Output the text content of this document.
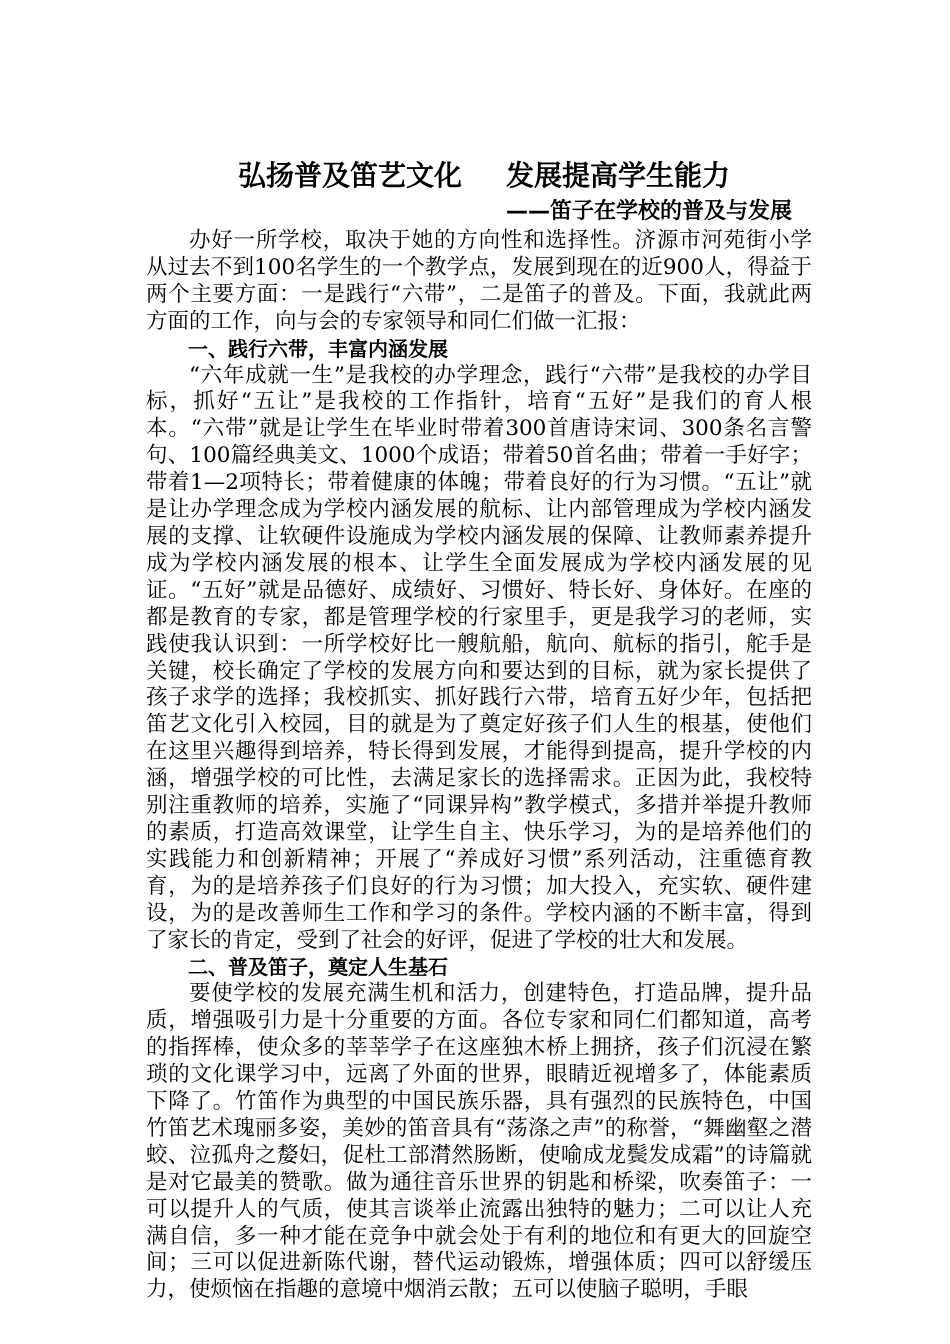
弘扬普及笛艺文化 发展提高学生能力
——笛子在学校的普及与发展

办好一所学校，取决于她的方向性和选择性。济源市河苑街小学从过去不到100名学生的一个教学点，发展到现在的近900人，得益于两个主要方面：一是践行“六带”，二是笛子的普及。下面，我就此两方面的工作，向与会的专家领导和同仁们做一汇报：

一、践行六带，丰富内涵发展

“六年成就一生”是我校的办学理念，践行“六带”是我校的办学目标，抓好“五让”是我校的工作指针，培育“五好”是我们的育人根本。“六带”就是让学生在毕业时带着300首唐诗宋词、300条名言警句、100篇经典美文、1000个成语；带着50首名曲；带着一手好字；带着1—2项特长；带着健康的体魄；带着良好的行为习惯。“五让”就是让办学理念成为学校内涵发展的航标、让内部管理成为学校内涵发展的支撑、让软硬件设施成为学校内涵发展的保障、让教师素养提升成为学校内涵发展的根本、让学生全面发展成为学校内涵发展的见证。“五好”就是品德好、成绩好、习惯好、特长好、身体好。在座的都是教育的专家，都是管理学校的行家里手，更是我学习的老师，实践使我认识到：一所学校好比一艘航船，航向、航标的指引，舵手是关键，校长确定了学校的发展方向和要达到的目标，就为家长提供了孩子求学的选择；我校抓实、抓好践行六带，培育五好少年，包括把笛艺文化引入校园，目的就是为了奠定好孩子们人生的根基，使他们在这里兴趣得到培养，特长得到发展，才能得到提高，提升学校的内涵，增强学校的可比性，去满足家长的选择需求。正因为此，我校特别注重教师的培养，实施了“同课异构”教学模式，多措并举提升教师的素质，打造高效课堂，让学生自主、快乐学习，为的是培养他们的实践能力和创新精神；开展了“养成好习惯”系列活动，注重德育教育，为的是培养孩子们良好的行为习惯；加大投入，充实软、硬件建设，为的是改善师生工作和学习的条件。学校内涵的不断丰富，得到了家长的肯定，受到了社会的好评，促进了学校的壮大和发展。

二、普及笛子，奠定人生基石

要使学校的发展充满生机和活力，创建特色，打造品牌，提升品质，增强吸引力是十分重要的方面。各位专家和同仁们都知道，高考的指挥棒，使众多的莘莘学子在这座独木桥上拥挤，孩子们沉浸在繁琐的文化课学习中，远离了外面的世界，眼睛近视增多了，体能素质下降了。竹笛作为典型的中国民族乐器，具有强烈的民族特色，中国竹笛艺术瑰丽多姿，美妙的笛音具有“荡涤之声”的称誉，“舞幽壑之潜蛟、泣孤舟之嫠妇，促杜工部潸然肠断，使喻成龙鬓发成霜”的诗篇就是对它最美的赞歌。做为通往音乐世界的钥匙和桥梁，吹奏笛子：一可以提升人的气质，使其言谈举止流露出独特的魅力；二可以让人充满自信，多一种才能在竞争中就会处于有利的地位和有更大的回旋空间；三可以促进新陈代谢，替代运动锻炼，增强体质；四可以舒缓压力，使烦恼在指趣的意境中烟消云散；五可以使脑子聪明，手眼
